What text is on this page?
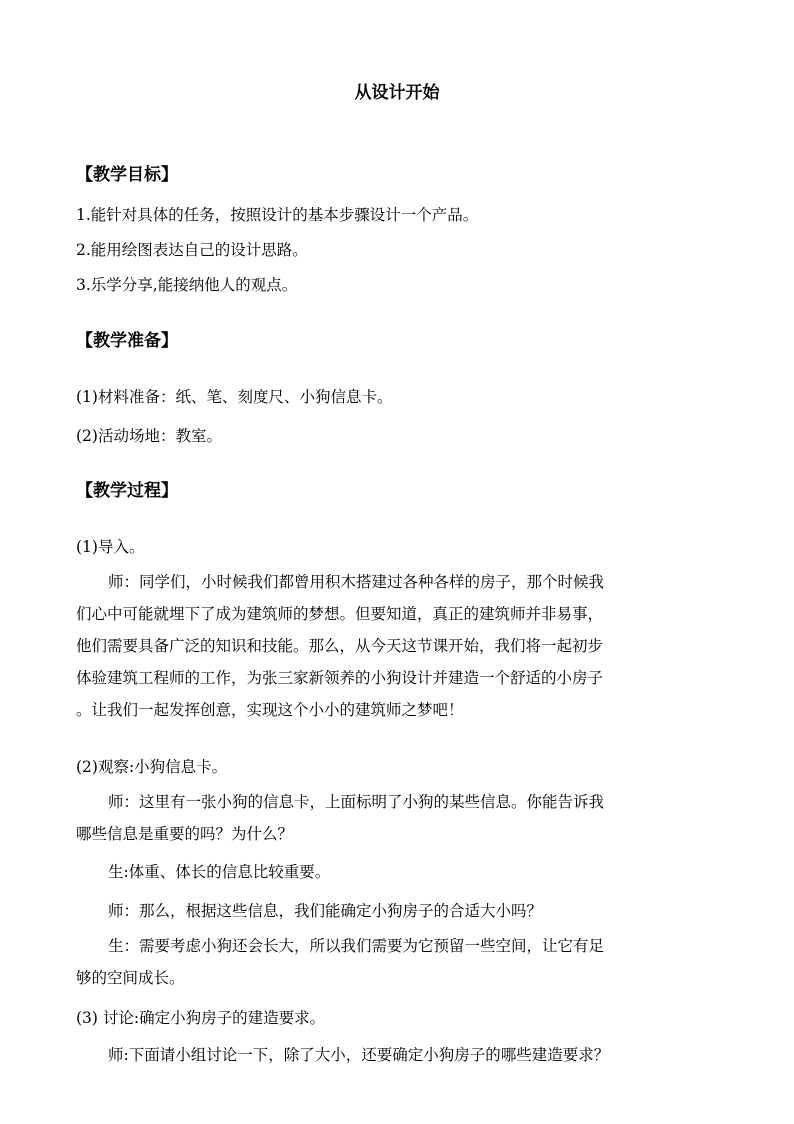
从设计开始
【教学目标】
1.能针对具体的任务，按照设计的基本步骤设计一个产品。
2.能用绘图表达自己的设计思路。
3.乐学分享,能接纳他人的观点。
【教学准备】
(1)材料准备：纸、笔、刻度尺、小狗信息卡。
(2)活动场地：教室。
【教学过程】
(1)导入。
师：同学们，小时候我们都曾用积木搭建过各种各样的房子，那个时候我
们心中可能就埋下了成为建筑师的梦想。但要知道，真正的建筑师并非易事，
他们需要具备广泛的知识和技能。那么，从今天这节课开始，我们将一起初步
体验建筑工程师的工作，为张三家新领养的小狗设计并建造一个舒适的小房子
。让我们一起发挥创意，实现这个小小的建筑师之梦吧！
(2)观察:小狗信息卡。
师：这里有一张小狗的信息卡，上面标明了小狗的某些信息。你能告诉我
哪些信息是重要的吗？为什么？
生:体重、体长的信息比较重要。
师：那么，根据这些信息，我们能确定小狗房子的合适大小吗？
生：需要考虑小狗还会长大，所以我们需要为它预留一些空间，让它有足
够的空间成长。
(3) 讨论:确定小狗房子的建造要求。
师:下面请小组讨论一下，除了大小，还要确定小狗房子的哪些建造要求？
